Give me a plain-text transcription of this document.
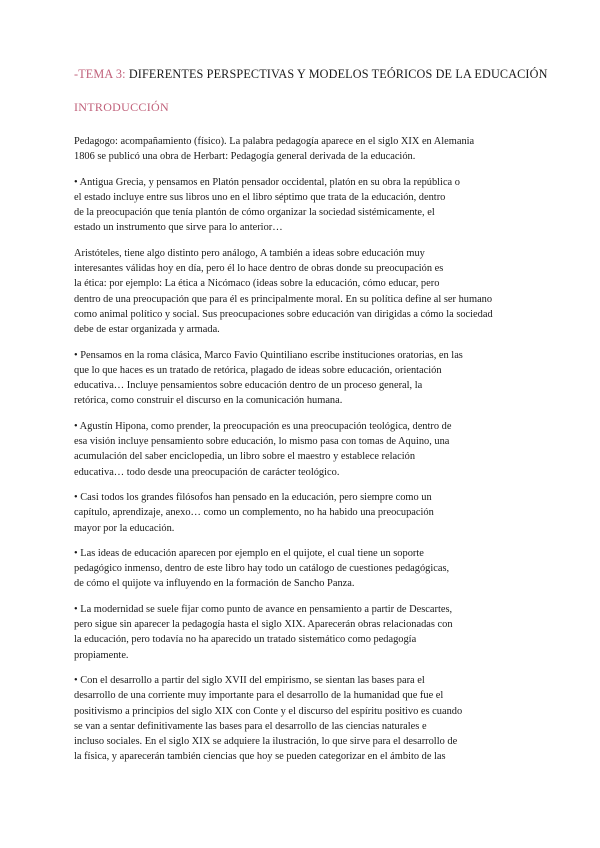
-TEMA 3: DIFERENTES PERSPECTIVAS Y MODELOS TEÓRICOS DE LA EDUCACIÓN
INTRODUCCIÓN
Pedagogo: acompañamiento (físico). La palabra pedagogía aparece en el siglo XIX en Alemania
1806 se publicó una obra de Herbart: Pedagogía general derivada de la educación.
• Antigua Grecia, y pensamos en Platón pensador occidental, platón en su obra la república o
el estado incluye entre sus libros uno en el libro séptimo que trata de la educación, dentro
de la preocupación que tenía plantón de cómo organizar la sociedad sistémicamente, el
estado un instrumento que sirve para lo anterior…
Aristóteles, tiene algo distinto pero análogo, A también a ideas sobre educación muy
interesantes válidas hoy en día, pero él lo hace dentro de obras donde su preocupación es
la ética: por ejemplo: La ética a Nicómaco (ideas sobre la educación, cómo educar, pero
dentro de una preocupación que para él es principalmente moral. En su política define al ser humano
como animal político y social. Sus preocupaciones sobre educación van dirigidas a cómo la sociedad
debe de estar organizada y armada.
• Pensamos en la roma clásica, Marco Favio Quintiliano escribe instituciones oratorias, en las
que lo que haces es un tratado de retórica, plagado de ideas sobre educación, orientación
educativa… Incluye pensamientos sobre educación dentro de un proceso general, la
retórica, como construir el discurso en la comunicación humana.
• Agustín Hipona, como prender, la preocupación es una preocupación teológica, dentro de
esa visión incluye pensamiento sobre educación, lo mismo pasa con tomas de Aquino, una
acumulación del saber enciclopedia, un libro sobre el maestro y establece relación
educativa… todo desde una preocupación de carácter teológico.
• Casi todos los grandes filósofos han pensado en la educación, pero siempre como un
capítulo, aprendizaje, anexo… como un complemento, no ha habido una preocupación
mayor por la educación.
• Las ideas de educación aparecen por ejemplo en el quijote, el cual tiene un soporte
pedagógico inmenso, dentro de este libro hay todo un catálogo de cuestiones pedagógicas,
de cómo el quijote va influyendo en la formación de Sancho Panza.
• La modernidad se suele fijar como punto de avance en pensamiento a partir de Descartes,
pero sigue sin aparecer la pedagogía hasta el siglo XIX. Aparecerán obras relacionadas con
la educación, pero todavía no ha aparecido un tratado sistemático como pedagogía
propiamente.
• Con el desarrollo a partir del siglo XVII del empirismo, se sientan las bases para el
desarrollo de una corriente muy importante para el desarrollo de la humanidad que fue el
positivismo a principios del siglo XIX con Conte y el discurso del espíritu positivo es cuando
se van a sentar definitivamente las bases para el desarrollo de las ciencias naturales e
incluso sociales. En el siglo XIX se adquiere la ilustración, lo que sirve para el desarrollo de
la física, y aparecerán también ciencias que hoy se pueden categorizar en el ámbito de las
